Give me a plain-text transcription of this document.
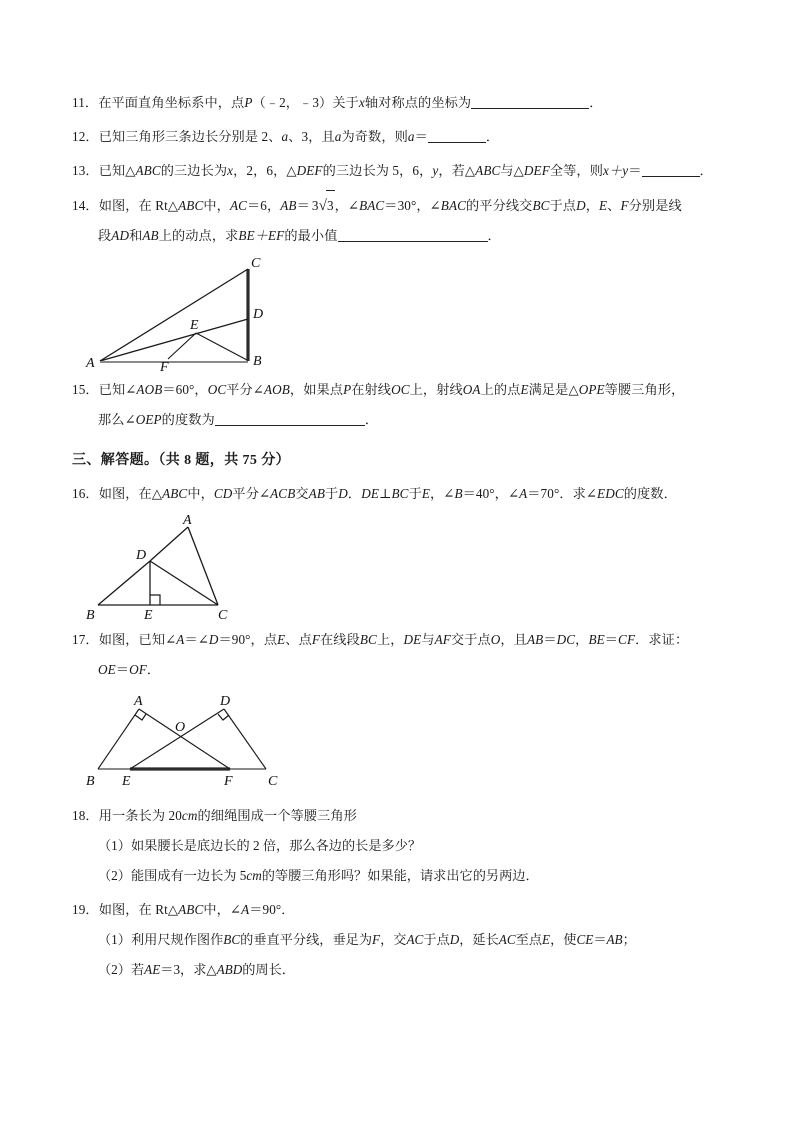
11．在平面直角坐标系中，点P（﹣2，﹣3）关于x轴对称点的坐标为	．
12．已知三角形三条边长分别是 2、a、3，且a为奇数，则a＝	．
13．已知△ABC的三边长为x，2，6，△DEF的三边长为 5，6，y，若△ABC与△DEF全等，则x＋y＝	．
14．如图，在 Rt△ABC中，AC＝6，AB＝ 3√3，∠BAC＝30°，∠BAC的平分线交BC于点D，E、F分别是线
段AD和AB上的动点，求BE＋EF的最小值	．
A	B
C
D
E
F
15．已知∠AOB＝60°，OC平分∠AOB，如果点P在射线OC上，射线OA上的点E满足是△OPE等腰三角形，
那么∠OEP的度数为	．
三、解答题。（共 8 题，共 75 分）
16．如图，在△ABC中，CD平分∠ACB交AB于D．DE⊥BC于E，∠B＝40°，∠A＝70°．求∠EDC的度数．
A
B	C
D
E
17．如图，已知∠A＝∠D＝90°，点E、点F在线段BC上，DE与AF交于点O，且AB＝DC，BE＝CF．求证：
OE＝OF．
A
B	C
D
E	F
O
18．用一条长为 20cm的细绳围成一个等腰三角形
（1）如果腰长是底边长的 2 倍，那么各边的长是多少？
（2）能围成有一边长为 5cm的等腰三角形吗？如果能，请求出它的另两边．
19．如图，在 Rt△ABC中，∠A＝90°．
（1）利用尺规作图作BC的垂直平分线，垂足为F，交AC于点D，延长AC至点E，使CE＝AB；
（2）若AE＝3，求△ABD的周长．
